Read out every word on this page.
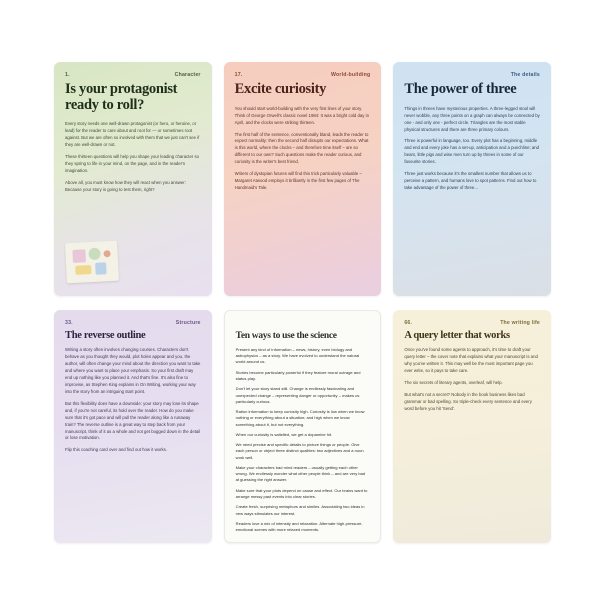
1.	Character
Is your protagonist ready to roll?

Every story needs one well-drawn protagonist (or hero, or heroine, or lead) for the reader to care about and root for — or sometimes root against. But we are often so involved with them that we just can't see if they are well-drawn or not.

These thirteen questions will help you shape your leading character so they spring to life in your mind, on the page, and in the reader's imagination.

Above all, you must know how they will react when you answer: Because your story is going to test them, right?

17.	World-building
Excite curiosity

You should start world-building with the very first lines of your story. Think of George Orwell's classic novel 1984: It was a bright cold day in April, and the clocks were striking thirteen.

The first half of the sentence, conventionally bland, leads the reader to expect normality: then the second half disrupts our expectations. What is this world, where the clocks – and therefore time itself – are so different to our own? Such questions make the reader curious, and curiosity is the writer's best friend.

Writers of dystopian futures will find this trick particularly valuable – Margaret Atwood employs it brilliantly in the first few pages of The Handmaid's Tale.

The details
The power of three

Things in threes have mysterious properties. A three-legged stool will never wobble, any three points on a graph can always be connected by one - and only one - perfect circle. Triangles are the most stable physical structures and there are three primary colours.

Three is powerful in language, too. Every plot has a beginning, middle and end and every joke has a set-up, anticipation and a punchline; and bears, little pigs and wise men turn up by threes in some of our favourite stories.

Three just works because it's the smallest number that allows us to perceive a pattern, and humans love to spot patterns. Find out how to take advantage of the power of three...

33.	Structure
The reverse outline

Writing a story often involves changing courses. Characters don't behave as you thought they would, plot holes appear and you, the author, will often change your mind about the direction you want to take and where you want to place your emphasis. So your first draft may end up nothing like you planned it. And that's fine. It's also fine to improvise, as Stephen King explains in On Writing, working your way into the story from an intriguing start point.

But this flexibility does have a downside: your story may lose its shape and, if you're not careful, its hold over the reader. How do you make sure that it's got pace and will pull the reader along like a runaway train? The reverse outline is a great way to step back from your manuscript, think of it as a whole and not get bogged down in the detail or lose motivation.

Flip this coaching card over and find out how it works.

Ten ways to use the science

Present any kind of information – news, history, even biology and astrophysics – as a story. We have evolved to understand the natural world around us.

Stories become particularly powerful if they feature moral outrage and status play.

Don't let your story stand still. Change is endlessly fascinating and unexpected change – representing danger or opportunity – makes us particularly curious.

Ration information to keep curiosity high. Curiosity is low when we know nothing or everything about a situation; and high when we know something about it, but not everything.

When our curiosity is satisfied, we get a dopamine hit.

We need precise and specific details to picture things or people. Give each person or object three distinct qualities: two adjectives and a noun work well.

Make your characters bad mind readers – usually getting each other wrong. We endlessly wonder what other people think – and are very bad at guessing the right answer.

Make sure that your plots depend on cause and effect. Our brains want to arrange messy past events into clear stories.

Create fresh, surprising metaphors and similes. Associating two ideas in new ways stimulates our interest.

Readers love a mix of intensity and relaxation. Alternate high-pressure, emotional scenes with more relaxed moments.

66.	The writing life
A query letter that works

Once you've found some agents to approach, it's time to draft your query letter – the cover note that explains what your manuscript is and why you've written it. This may well be the most important page you ever write, so it pays to take care.

The six secrets of literary agents, overleaf, will help.

But what's not a secret? Nobody in the book business likes bad grammar or bad spelling. So triple-check every sentence and every word before you hit 'Send'.
